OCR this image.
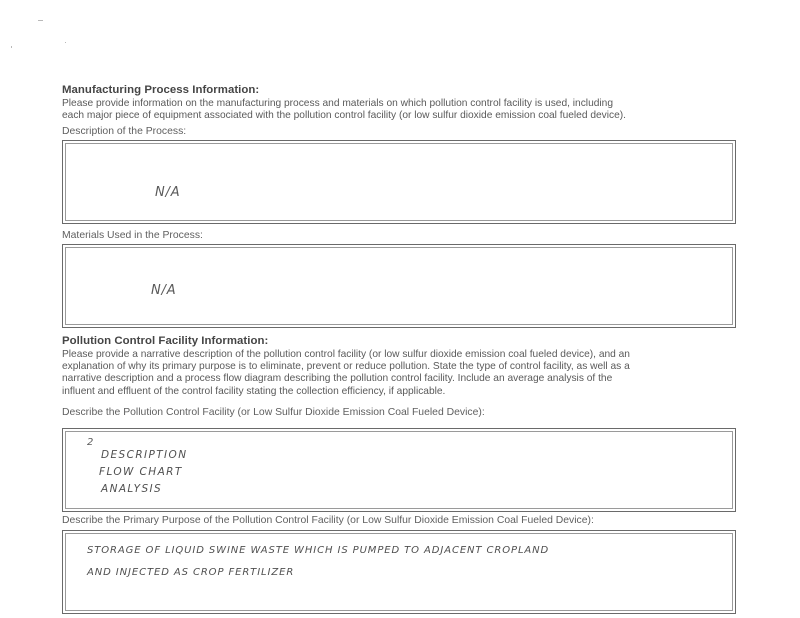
Manufacturing Process Information:
Please provide information on the manufacturing process and materials on which pollution control facility is used, including
each major piece of equipment associated with the pollution control facility (or low sulfur dioxide emission coal fueled device).
Description of the Process:
N/A
Materials Used in the Process:
N/A
Pollution Control Facility Information:
Please provide a narrative description of the pollution control facility (or low sulfur dioxide emission coal fueled device), and an
explanation of why its primary purpose is to eliminate, prevent or reduce pollution. State the type of control facility, as well as a
narrative description and a process flow diagram describing the pollution control facility. Include an average analysis of the
influent and effluent of the control facility stating the collection efficiency, if applicable.
Describe the Pollution Control Facility (or Low Sulfur Dioxide Emission Coal Fueled Device):
2
DESCRIPTION
FLOW CHART
ANALYSIS
Describe the Primary Purpose of the Pollution Control Facility (or Low Sulfur Dioxide Emission Coal Fueled Device):
STORAGE OF LIQUID SWINE WASTE WHICH IS PUMPED TO ADJACENT CROPLAND
AND INJECTED AS CROP FERTILIZER
